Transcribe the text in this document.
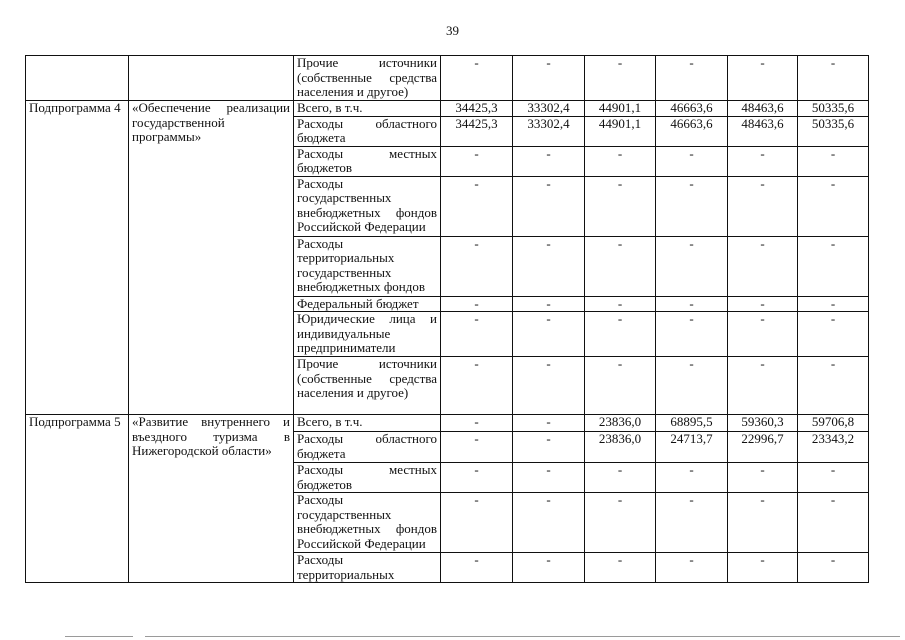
39

		Прочие источники
(собственные средства
населения и другое)	-	-	-	-	-	-
Подпрограмма 4	«Обеспечение реализации
государственной
программы»	Всего, в т.ч.	34425,3	33302,4	44901,1	46663,6	48463,6	50335,6

		Расходы областного
бюджета	34425,3	33302,4	44901,1	46663,6	48463,6	50335,6

		Расходы местных
бюджетов	-	-	-	-	-	-

		Расходы
государственных
внебюджетных фондов
Российской Федерации	-	-	-	-	-	-

		Расходы
территориальных
государственных
внебюджетных фондов	-	-	-	-	-	-

		Федеральный бюджет	-	-	-	-	-	-

		Юридические лица и
индивидуальные
предприниматели	-	-	-	-	-	-

		Прочие источники
(собственные средства
населения и другое)	-	-	-	-	-	-
Подпрограмма 5	«Развитие внутреннего и
въездного туризма в
Нижегородской области»	Всего, в т.ч.	-	-	23836,0	68895,5	59360,3	59706,8

		Расходы областного
бюджета	-	-	23836,0	24713,7	22996,7	23343,2

		Расходы местных
бюджетов	-	-	-	-	-	-

		Расходы
государственных
внебюджетных фондов
Российской Федерации	-	-	-	-	-	-

		Расходы
территориальных	-	-	-	-	-	-
